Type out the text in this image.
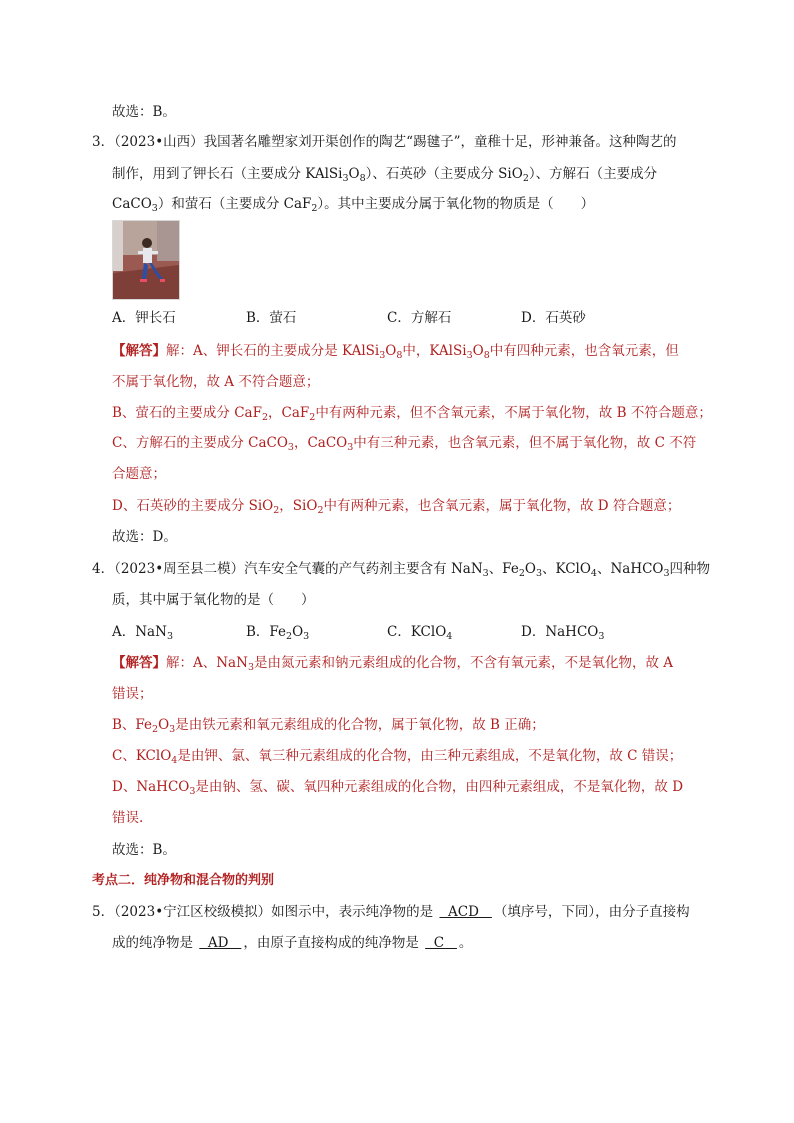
故选：B。
3．（2023•山西）我国著名雕塑家刘开渠创作的陶艺“踢毽子”，童稚十足，形神兼备。这种陶艺的
制作，用到了钾长石（主要成分 $KAlSi_3O_8$）、石英砂（主要成分 SiO$_2$）、方解石（主要成分
CaCO$_3$）和萤石（主要成分 CaF$_2$）。其中主要成分属于氧化物的物质是（　　）
A．钾长石	B．萤石	C．方解石	D．石英砂
【解答】解：A、钾长石的主要成分是 $KAlSi_3O_8$中，$KAlSi_3O_8$中有四种元素，也含氧元素，但
不属于氧化物，故 A 不符合题意；
B、萤石的主要成分 CaF$_2$，CaF$_2$中有两种元素，但不含氧元素，不属于氧化物，故 B 不符合题意；
C、方解石的主要成分 CaCO$_3$，CaCO$_3$中有三种元素，也含氧元素，但不属于氧化物，故 C 不符
合题意；
D、石英砂的主要成分 SiO$_2$，SiO$_2$中有两种元素，也含氧元素，属于氧化物，故 D 符合题意；
故选：D。
4．（2023•周至县二模）汽车安全气囊的产气药剂主要含有 NaN$_3$、$Fe_2O_3$、KClO$_4$、NaHCO$_3$四种物
质，其中属于氧化物的是（　　）
A．NaN$_3$	B．$Fe_2O_3$	C．KClO$_4$	D．NaHCO$_3$
【解答】解：A、NaN$_3$是由氮元素和钠元素组成的化合物，不含有氧元素，不是氧化物，故 A
错误；
B、$Fe_2O_3$是由铁元素和氧元素组成的化合物，属于氧化物，故 B 正确；
C、KClO$_4$是由钾、氯、氧三种元素组成的化合物，由三种元素组成，不是氧化物，故 C 错误；
D、NaHCO$_3$是由钠、氢、碳、氧四种元素组成的化合物，由四种元素组成，不是氧化物，故 D
错误.
故选：B。
考点二．纯净物和混合物的判别
5．（2023•宁江区校级模拟）如图示中，表示纯净物的是   ACD   （填序号，下同），由分子直接构
成的纯净物是   AD   ，由原子直接构成的纯净物是   C   。
